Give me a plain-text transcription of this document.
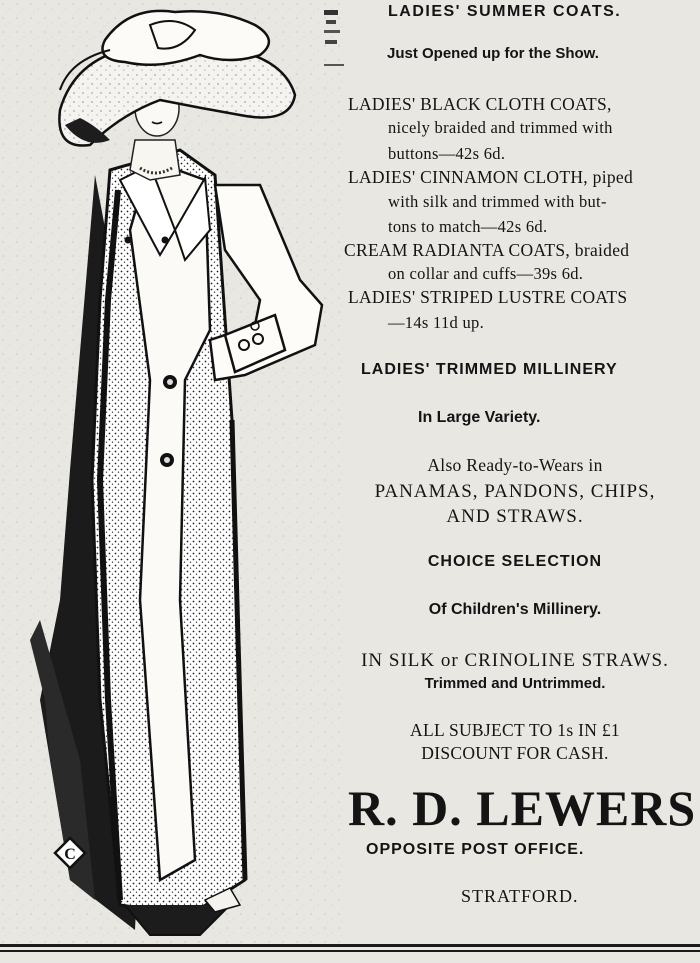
C
LADIES' SUMMER COATS.
Just Opened up for the Show.
LADIES' BLACK CLOTH COATS,
nicely braided and trimmed with
buttons—42s 6d.
LADIES' CINNAMON CLOTH, piped
with silk and trimmed with but-
tons to match—42s 6d.
CREAM RADIANTA COATS, braided
on collar and cuffs—39s 6d.
LADIES' STRIPED LUSTRE COATS
—14s 11d up.
LADIES' TRIMMED MILLINERY
In Large Variety.
Also Ready-to-Wears in
PANAMAS, PANDONS, CHIPS,
AND STRAWS.
CHOICE SELECTION
Of Children's Millinery.
IN SILK or CRINOLINE STRAWS.
Trimmed and Untrimmed.
ALL SUBJECT TO 1s IN £1
DISCOUNT FOR CASH.
R. D. LEWERS
OPPOSITE POST OFFICE.
STRATFORD.
